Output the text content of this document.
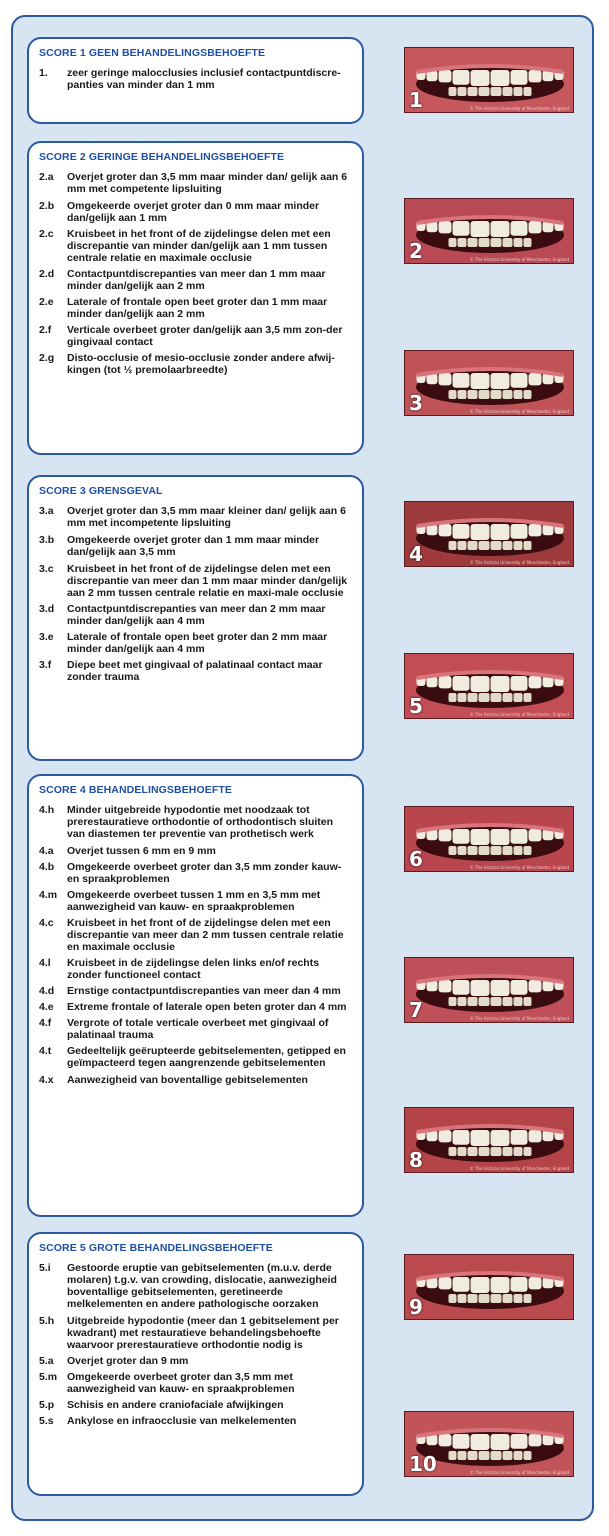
SCORE 1 GEEN BEHANDELINGSBEHOEFTE
1.	zeer geringe malocclusies inclusief contactpuntdiscre-panties van minder dan 1 mm
SCORE 2 GERINGE BEHANDELINGSBEHOEFTE
2.a	Overjet groter dan 3,5 mm maar minder dan/ gelijk aan 6 mm met competente lipsluiting
2.b	Omgekeerde overjet groter dan 0 mm maar minder dan/gelijk aan 1 mm
2.c	Kruisbeet in het front of de zijdelingse delen met een discrepantie van minder dan/gelijk aan 1 mm tussen centrale relatie en maximale occlusie
2.d	Contactpuntdiscrepanties van meer dan 1 mm maar minder dan/gelijk aan 2 mm
2.e	Laterale of frontale open beet groter dan 1 mm maar minder dan/gelijk aan 2 mm
2.f	Verticale overbeet groter dan/gelijk aan 3,5 mm zon-der gingivaal contact
2.g	Disto-occlusie of mesio-occlusie zonder andere afwij-kingen (tot ½ premolaarbreedte)
SCORE 3 GRENSGEVAL
3.a	Overjet groter dan 3,5 mm maar kleiner dan/ gelijk aan 6 mm met incompetente lipsluiting
3.b	Omgekeerde overjet groter dan 1 mm maar minder dan/gelijk aan 3,5 mm
3.c	Kruisbeet in het front of de zijdelingse delen met een discrepantie van meer dan 1 mm maar minder dan/gelijk aan 2 mm tussen centrale relatie en maxi-male occlusie
3.d	Contactpuntdiscrepanties van meer dan 2 mm maar minder dan/gelijk aan 4 mm
3.e	Laterale of frontale open beet groter dan 2 mm maar minder dan/gelijk aan 4 mm
3.f	Diepe beet met gingivaal of palatinaal contact maar zonder trauma
SCORE 4 BEHANDELINGSBEHOEFTE
4.h	Minder uitgebreide hypodontie met noodzaak tot prerestauratieve orthodontie of orthodontisch sluiten van diastemen ter preventie van prothetisch werk
4.a	Overjet tussen 6 mm en 9 mm
4.b	Omgekeerde overbeet groter dan 3,5 mm zonder kauw- en spraakproblemen
4.m Omgekeerde overbeet tussen 1 mm en 3,5 mm met aanwezigheid van kauw- en spraakproblemen
4.c	Kruisbeet in het front of de zijdelingse delen met een discrepantie van meer dan 2 mm tussen centrale relatie en maximale occlusie
4.l	Kruisbeet in de zijdelingse delen links en/of rechts zonder functioneel contact
4.d	Ernstige contactpuntdiscrepanties van meer dan 4 mm
4.e	Extreme frontale of laterale open beten groter dan 4 mm
4.f	Vergrote of totale verticale overbeet met gingivaal of palatinaal trauma
4.t	Gedeeltelijk geërupteerde gebitselementen, getipped en geïmpacteerd tegen aangrenzende gebitselementen
4.x	Aanwezigheid van boventallige gebitselementen
SCORE 5 GROTE BEHANDELINGSBEHOEFTE
5.i	Gestoorde eruptie van gebitselementen (m.u.v. derde molaren) t.g.v. van crowding, dislocatie, aanwezigheid boventallige gebitselementen, geretineerde melkelementen en andere pathologische oorzaken
5.h	Uitgebreide hypodontie (meer dan 1 gebitselement per kwadrant) met restauratieve behandelingsbehoefte waarvoor prerestauratieve orthodontie nodig is
5.a	Overjet groter dan 9 mm
5.m Omgekeerde overbeet groter dan 3,5 mm met aanwezigheid van kauw- en spraakproblemen
5.p	Schisis en andere craniofaciale afwijkingen
5.s	Ankylose en infraocclusie van melkelementen
1	© The Victoria University of Manchester, England
2	© The Victoria University of Manchester, England
3	© The Victoria University of Manchester, England
4	© The Victoria University of Manchester, England
5	© The Victoria University of Manchester, England
6	© The Victoria University of Manchester, England
7	© The Victoria University of Manchester, England
8	© The Victoria University of Manchester, England
9
10	© The Victoria University of Manchester, England
